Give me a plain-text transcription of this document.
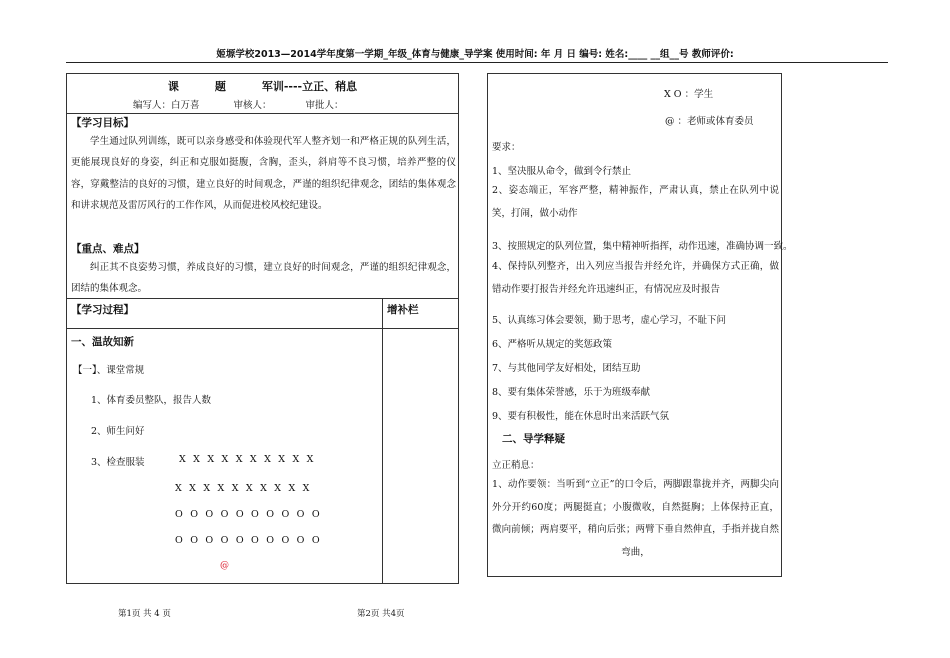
姬塬学校2013—2014学年度第一学期_年级_体育与健康_导学案 使用时间: 年 月 日 编号: 姓名:____ __组__号 教师评价:
课	题	军训----立正、稍息
编写人：白万喜	审核人：	审批人：
【学习目标】
学生通过队列训练，既可以亲身感受和体验现代军人整齐划一和严格正规的队列生活，更能展现良好的身姿，纠正和克服如挺腹，含胸，歪头，斜肩等不良习惯，培养严整的仪容，穿戴整洁的良好的习惯，建立良好的时间观念，严谨的组织纪律观念，团结的集体观念和讲求规范及雷厉风行的工作作风，从而促进校风校纪建设。
【重点、难点】
纠正其不良姿势习惯，养成良好的习惯，建立良好的时间观念，严谨的组织纪律观念，团结的集体观念。
【学习过程】	增补栏
一、温故知新
【一】、课堂常规
1、体育委员整队，报告人数
2、师生问好
3、检查服装	X X X X X X X X X X
X X X X X X X X X X
O O O O O O O O O O
O O O O O O O O O O
@
X O ：学生
@ ：老师或体育委员
要求：
1、坚决服从命令，做到令行禁止
2、姿态端正，军容严整，精神振作，严肃认真，禁止在队列中说笑，打闹，做小动作
3、按照规定的队列位置，集中精神听指挥，动作迅速，准确协调一致。
4、保持队列整齐，出入列应当报告并经允许，并确保方式正确，做错动作要打报告并经允许迅速纠正，有情况应及时报告
5、认真练习体会要领，勤于思考，虚心学习，不耻下问
6、严格听从规定的奖惩政策
7、与其他同学友好相处，团结互助
8、要有集体荣誉感，乐于为班级奉献
9、要有积极性，能在休息时出来活跃气氛
二、导学释疑
立正稍息：
1、动作要领：当听到“立正”的口令后，两脚跟靠拢并齐，两脚尖向外分开约60度；两腿挺直；小腹微收，自然挺胸；上体保持正直，微向前倾；两肩要平，稍向后张；两臂下垂自然伸直，手指并拢自然弯曲，
第1页 共 4 页	第2页 共4页
